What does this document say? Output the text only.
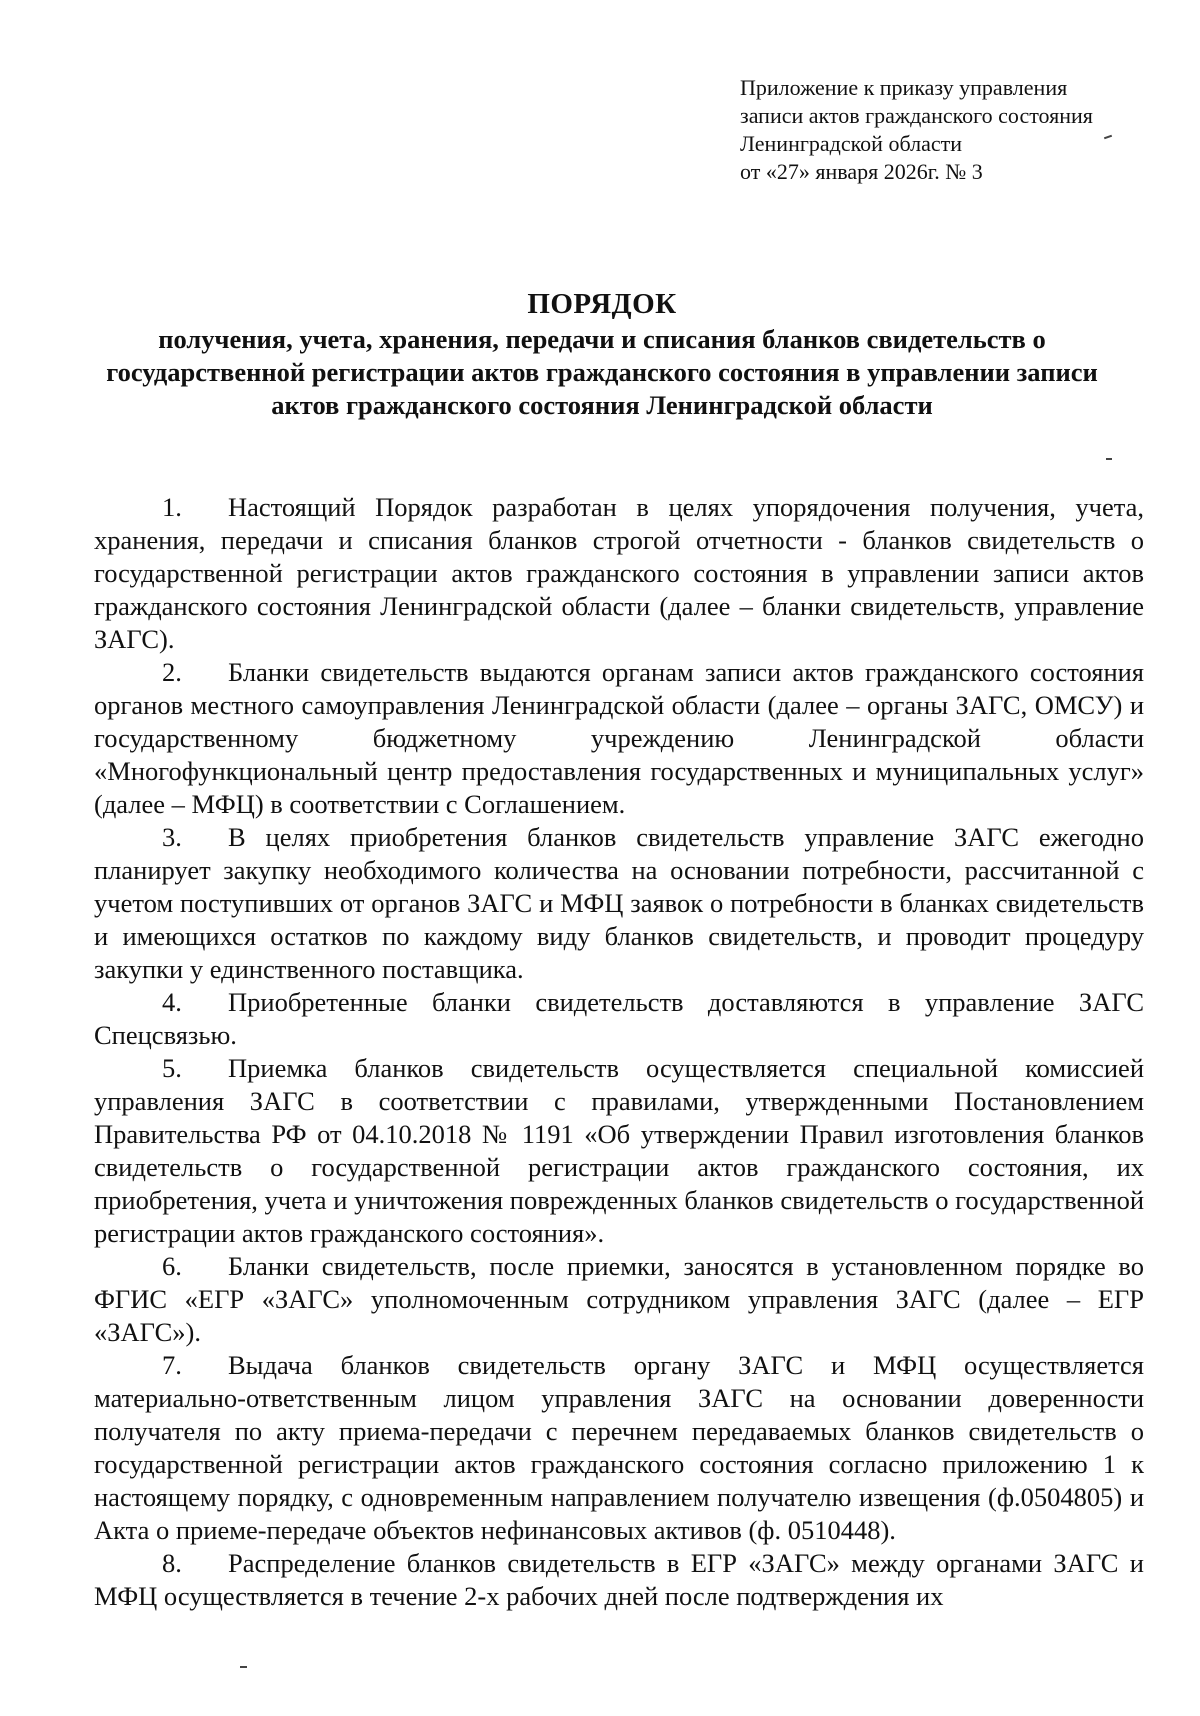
Приложение к приказу управления
записи актов гражданского состояния
Ленинградской области
от «27» января 2026г. № 3
ПОРЯДОК
получения, учета, хранения, передачи и списания бланков свидетельств о государственной регистрации актов гражданского состояния в управлении записи актов гражданского состояния Ленинградской области

1. Настоящий Порядок разработан в целях упорядочения получения, учета, хранения, передачи и списания бланков строгой отчетности - бланков свидетельств о государственной регистрации актов гражданского состояния в управлении записи актов гражданского состояния Ленинградской области (далее – бланки свидетельств, управление ЗАГС).

2. Бланки свидетельств выдаются органам записи актов гражданского состояния органов местного самоуправления Ленинградской области (далее – органы ЗАГС, ОМСУ) и государственному бюджетному учреждению Ленинградской области «Многофункциональный центр предоставления государственных и муниципальных услуг» (далее – МФЦ) в соответствии с Соглашением.

3. В целях приобретения бланков свидетельств управление ЗАГС ежегодно планирует закупку необходимого количества на основании потребности, рассчитанной с учетом поступивших от органов ЗАГС и МФЦ заявок о потребности в бланках свидетельств и имеющихся остатков по каждому виду бланков свидетельств, и проводит процедуру закупки у единственного поставщика.

4. Приобретенные бланки свидетельств доставляются в управление ЗАГС Спецсвязью.

5. Приемка бланков свидетельств осуществляется специальной комиссией управления ЗАГС в соответствии с правилами, утвержденными Постановлением Правительства РФ от 04.10.2018 № 1191 «Об утверждении Правил изготовления бланков свидетельств о государственной регистрации актов гражданского состояния, их приобретения, учета и уничтожения поврежденных бланков свидетельств о государственной регистрации актов гражданского состояния».

6. Бланки свидетельств, после приемки, заносятся в установленном порядке во ФГИС «ЕГР «ЗАГС» уполномоченным сотрудником управления ЗАГС (далее – ЕГР «ЗАГС»).

7. Выдача бланков свидетельств органу ЗАГС и МФЦ осуществляется материально-ответственным лицом управления ЗАГС на основании доверенности получателя по акту приема-передачи с перечнем передаваемых бланков свидетельств о государственной регистрации актов гражданского состояния согласно приложению 1 к настоящему порядку, с одновременным направлением получателю извещения (ф.0504805) и Акта о приеме-передаче объектов нефинансовых активов (ф. 0510448).

8. Распределение бланков свидетельств в ЕГР «ЗАГС» между органами ЗАГС и МФЦ осуществляется в течение 2-х рабочих дней после подтверждения их
